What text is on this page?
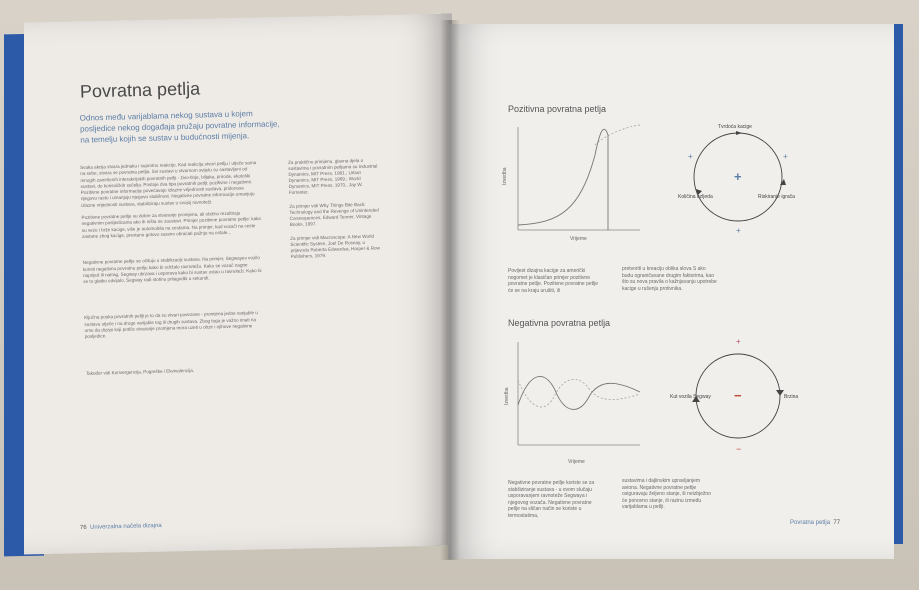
Povratna petlja
Odnos među varijablama nekog sustava u kojem posljedice nekog događaja pružaju povratne informacije, na temelju kojih se sustav u budućnosti mijenja.

Svaka akcija stvara jednaku i suprotnu reakciju. Kad reakcija stvori petlju i utječe sama na sebe, stvara se povratna petlja. Svi sustavi u stvarnom svijetu su sastavljeni od mnogih zamršenih interakcijskih povratnih petlji - živo-tinje, biljaka, prirode, ekološki sustavi, do korisničkih sučelja. Postoje dva tipa povratnih petlji: pozitivne i negativne. Pozitivne povratne informacije povećavaju izlazne vrijednosti sustava, pridonose njegovu rastu i umanjuju njegovu stabilnost. Negativne povratne informacije umanjuju izlazne vrijednosti sustava, stabiliziraju sustav u svojoj ravnoteži.

Pozitivne povratne petlje su dobre za stvaranje promjena, ali obično rezultiraju negativnim posljedicama ako ih ništa ne zaustavi. Primjer pozitivne povratne petlje: kako su veće i brže kacige, više je automobila na cestama. Na primjer, kad vozači na ceste zastane zbog kacige, prestanu gotovo sasvim obraćati pažnju na ostale...

Negativne povratne petlje se očituju u stabilizaciji sustava. Na primjer, Segwayev vozilo koristi negativnu povratnu petlju kako bi održalo ravnotežu. Kako se vozač nagne naprijed ili natrag, Segway ubrzava i usporava kako bi sustav ostao u ravnoteži. Kako bi se to glatko odvijalo, Segway radi stotinu prilagodbi u sekundi.

Ključna pouka povratnih petlji je to da su stvari povezane - promjena jedne varijable u sustavu utječe i na druge varijable tog ili drugih sustava. Zbog toga je važno imati na umu da dizajn koji potiče stvaranje promjena mora uzeti u obzir i njihove negativne posljedice.

Također vidi Konvergencija, Pogreške i Ekvivalencija.

Za praktičnu primjenu, glavna djela o sustavima i povratnim petljama su Industrial Dynamics, MIT Press, 1961.; Urban Dynamics, MIT Press, 1969.; World Dynamics, MIT Press, 1970., Jay W. Forrester.

Za primjer vidi Why Things Bite Back: Technology and the Revenge of Unintended Consequences, Edward Tenner, Vintage Books, 1997.

Za primjer vidi Macroscope: A New World Scientific System, Joel De Rosnay, u prijevodu Roberta Edwardsa, Harper & Row Publishers, 1979.

76 Univerzalna načela dizajna
Pozitivna povratna petlja
Izvedba
Vrijeme
Tvrdoća kacige
Količina ozljeda	Riskiranje igrača
+
+	+
+
Povijest dizajna kacige za američki nogomet je klasičan primjer pozitivne povratne petlje. Pozitivne povratne petlje će se na kraju urušiti, ili
pretvoriti u kreaciju oblika slova S ako budu ograničavane drugim faktorima, kao što su nova pravila o kažnjavanju upotrebe kacige u rušenju protivnika.
Negativna povratna petlja
Izvedba
Vrijeme
Kut vozila Segway	Brzina
−
+
−
Negativne povratne petlje koriste se za stabiliziranje sustava - u ovom slučaju usporavanjem ravnoteže Segwaya i njegovog vozača. Negativne povratne petlje na sličan način se koriste u termostatima,
sustavima i dajlinskim upravljanjem aviona. Negativne povratne petlje osiguravaju željeno stanje, ili neizbježno će ponovno stanje, ili razinu između varijablama u petlji.
Povratna petlja 77
